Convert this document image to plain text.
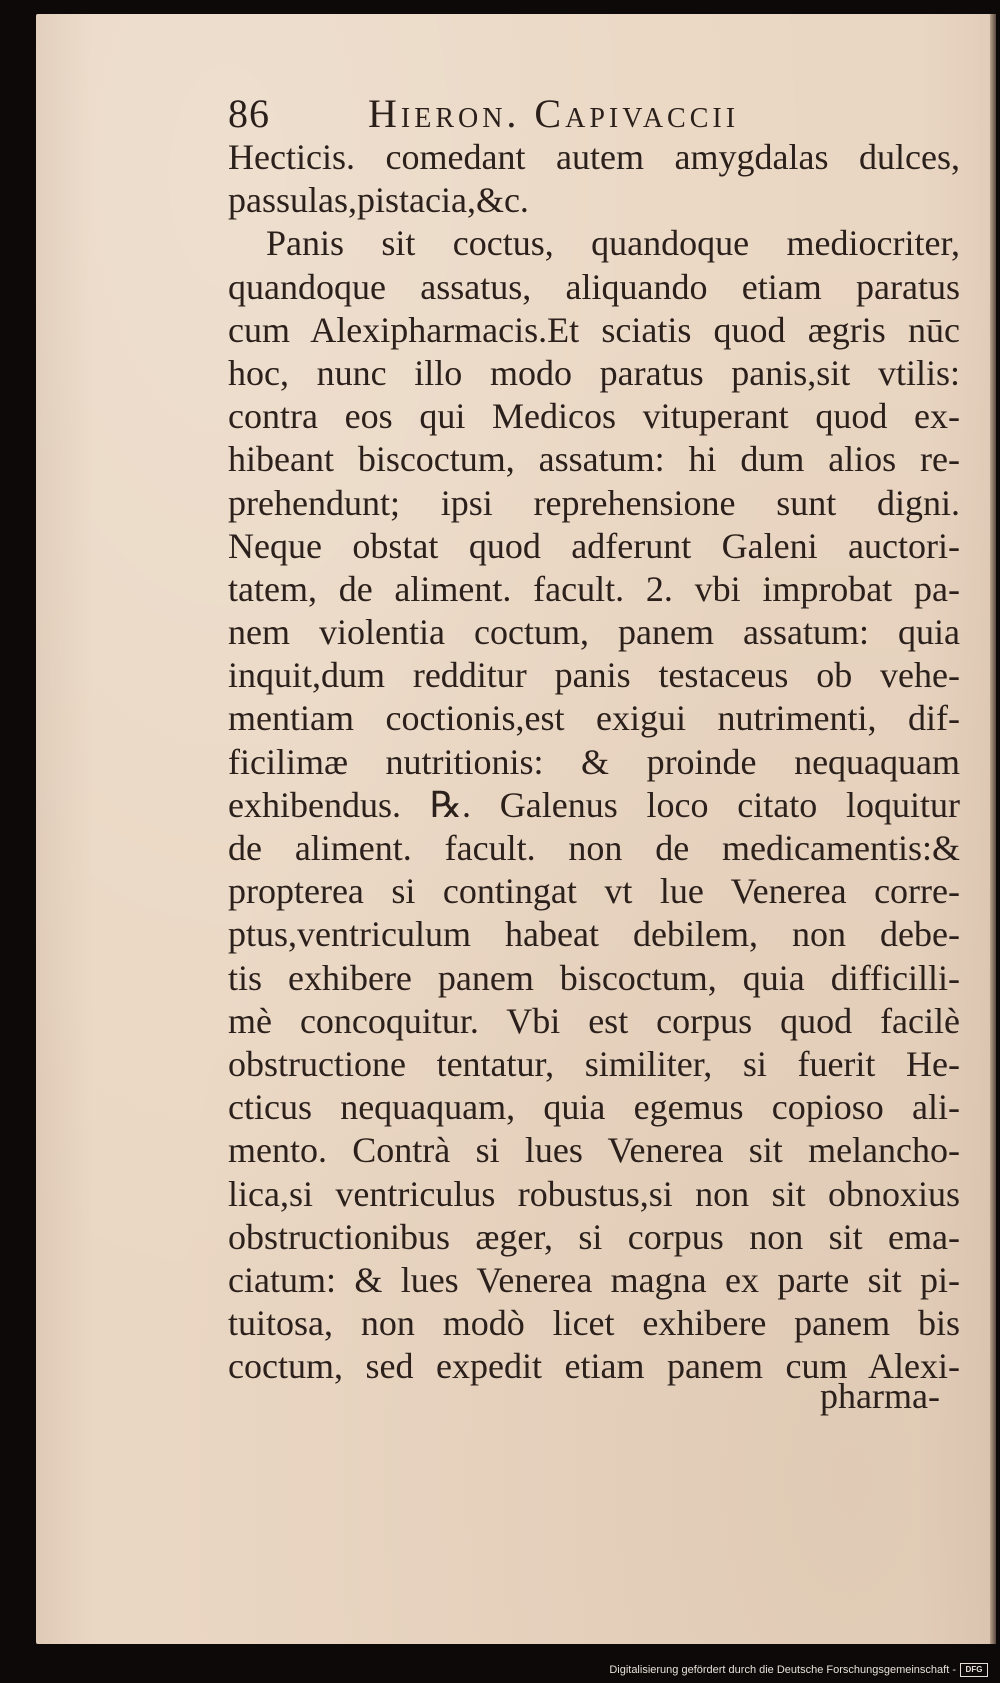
86 Hieron. Capivaccii
Hecticis. comedant autem amygdalas dulces,
passulas,pistacia,&c.
Panis sit coctus, quandoque mediocriter,
quandoque assatus, aliquando etiam paratus
cum Alexipharmacis.Et sciatis quod ægris nūc
hoc, nunc illo modo paratus panis,sit vtilis:
contra eos qui Medicos vituperant quod ex-
hibeant biscoctum, assatum: hi dum alios re-
prehendunt; ipsi reprehensione sunt digni.
Neque obstat quod adferunt Galeni auctori-
tatem, de aliment. facult. 2. vbi improbat pa-
nem violentia coctum, panem assatum: quia
inquit,dum redditur panis testaceus ob vehe-
mentiam coctionis,est exigui nutrimenti, dif-
ficilimæ nutritionis: & proinde nequaquam
exhibendus. ℞. Galenus loco citato loquitur
de aliment. facult. non de medicamentis:&
propterea si contingat vt lue Venerea corre-
ptus,ventriculum habeat debilem, non debe-
tis exhibere panem biscoctum, quia difficilli-
mè concoquitur. Vbi est corpus quod facilè
obstructione tentatur, similiter, si fuerit He-
cticus nequaquam, quia egemus copioso ali-
mento. Contrà si lues Venerea sit melancho-
lica,si ventriculus robustus,si non sit obnoxius
obstructionibus æger, si corpus non sit ema-
ciatum: & lues Venerea magna ex parte sit pi-
tuitosa, non modò licet exhibere panem bis
coctum, sed expedit etiam panem cum Alexi-
pharma-
Digitalisierung gefördert durch die Deutsche Forschungsgemeinschaft -	DFG
